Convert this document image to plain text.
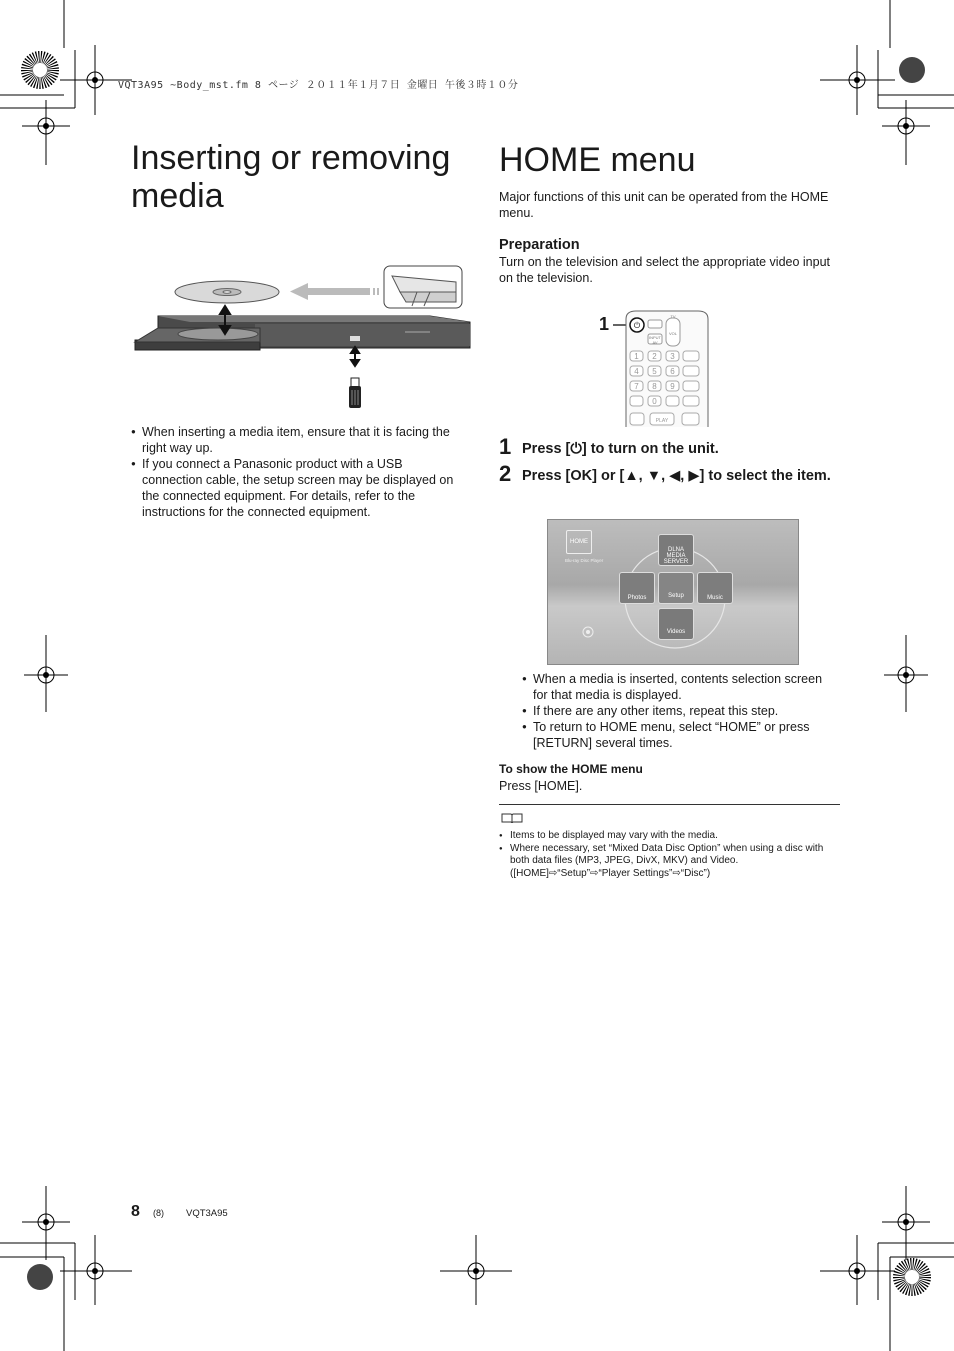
VQT3A95 ~Body_mst.fm 8 ページ ２０１１年１月７日 金曜日 午後３時１０分
Inserting or removing
media
● When inserting a media item, ensure that it is facing the right way up.
● If you connect a Panasonic product with a USB connection cable, the setup screen may be displayed on the connected equipment. For details, refer to the instructions for the connected equipment.
HOME menu
Major functions of this unit can be operated from the HOME menu.
Preparation
Turn on the television and select the appropriate video input on the television.
1	⏻
INPUT
AV
VOL
TV
1 2 3
4 5 6
7 8 9
0
PLAY
1 Press [⏻] to turn on the unit.
2 Press [OK] or [▲, ▼, ◀, ▶] to select the item.
HOME
Blu-ray Disc Player
DLNA MEDIA SERVER
Photos	Setup	Music
Videos
● When a media is inserted, contents selection screen for that media is displayed.
● If there are any other items, repeat this step.
● To return to HOME menu, select “HOME” or press [RETURN] several times.
To show the HOME menu
Press [HOME].
● Items to be displayed may vary with the media.
● Where necessary, set “Mixed Data Disc Option” when using a disc with both data files (MP3, JPEG, DivX, MKV) and Video. ([HOME]⇨“Setup”⇨“Player Settings”⇨“Disc”)
8 (8) VQT3A95
